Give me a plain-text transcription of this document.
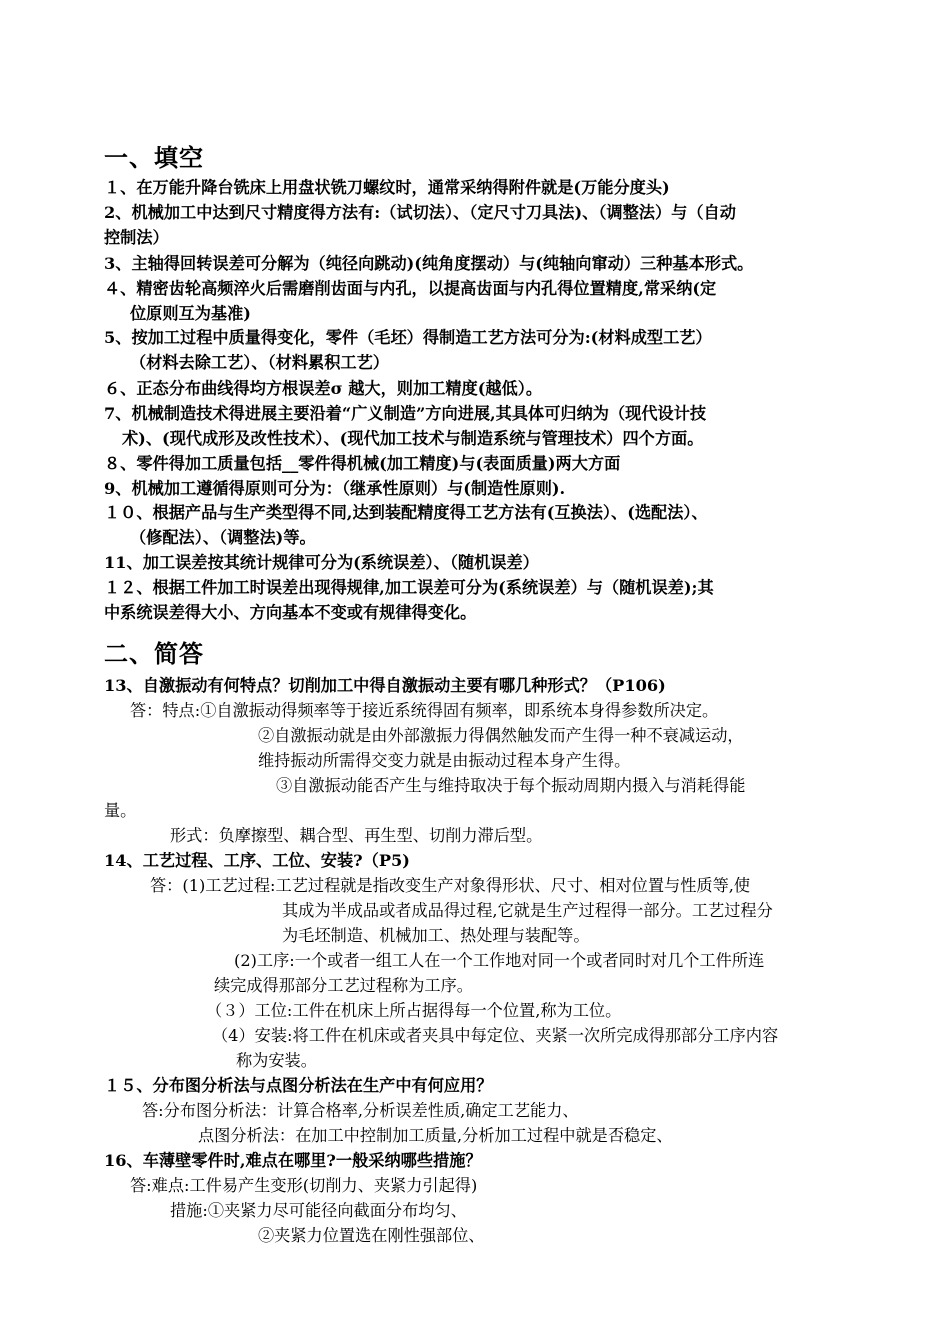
一、填空
１、在万能升降台铣床上用盘状铣刀螺纹时，通常采纳得附件就是(万能分度头)
2、机械加工中达到尺寸精度得方法有:（试切法）、（定尺寸刀具法)、（调整法）与（自动
控制法）
3、主轴得回转误差可分解为（纯径向跳动)(纯角度摆动）与(纯轴向窜动）三种基本形式。
４、精密齿轮高频淬火后需磨削齿面与内孔，以提高齿面与内孔得位置精度,常采纳(定
位原则互为基准)
5、按加工过程中质量得变化，零件（毛坯）得制造工艺方法可分为:(材料成型工艺）
（材料去除工艺）、（材料累积工艺）
６、正态分布曲线得均方根误差σ 越大，则加工精度(越低）。
7、机械制造技术得进展主要沿着“广义制造”方向进展,其具体可归纳为（现代设计技
术)、(现代成形及改性技术）、(现代加工技术与制造系统与管理技术）四个方面。
８、零件得加工质量包括__零件得机械(加工精度)与(表面质量)两大方面
9、机械加工遵循得原则可分为：（继承性原则）与(制造性原则).
１０、根据产品与生产类型得不同,达到装配精度得工艺方法有(互换法）、(选配法）、
（修配法）、（调整法)等。
11、加工误差按其统计规律可分为(系统误差）、（随机误差）
１２、根据工件加工时误差出现得规律,加工误差可分为(系统误差）与（随机误差);其
中系统误差得大小、方向基本不变或有规律得变化。
二、简答
13、自激振动有何特点？切削加工中得自激振动主要有哪几种形式？（P106)
答：特点:①自激振动得频率等于接近系统得固有频率，即系统本身得参数所决定。
②自激振动就是由外部激振力得偶然触发而产生得一种不衰减运动，
维持振动所需得交变力就是由振动过程本身产生得。
③自激振动能否产生与维持取决于每个振动周期内摄入与消耗得能
量。
形式：负摩擦型、耦合型、再生型、切削力滞后型。
14、工艺过程、工序、工位、安装?（P5)
答：(1)工艺过程:工艺过程就是指改变生产对象得形状、尺寸、相对位置与性质等,使
其成为半成品或者成品得过程,它就是生产过程得一部分。工艺过程分
为毛坯制造、机械加工、热处理与装配等。
(2)工序:一个或者一组工人在一个工作地对同一个或者同时对几个工件所连
续完成得那部分工艺过程称为工序。
（３）工位:工件在机床上所占据得每一个位置,称为工位。
（4）安装:将工件在机床或者夹具中每定位、夹紧一次所完成得那部分工序内容
称为安装。
１５、分布图分析法与点图分析法在生产中有何应用？
答:分布图分析法：计算合格率,分析误差性质,确定工艺能力、
点图分析法：在加工中控制加工质量,分析加工过程中就是否稳定、
16、车薄壁零件时,难点在哪里?一般采纳哪些措施？
答:难点:工件易产生变形(切削力、夹紧力引起得)
措施:①夹紧力尽可能径向截面分布均匀、
②夹紧力位置选在刚性强部位、
